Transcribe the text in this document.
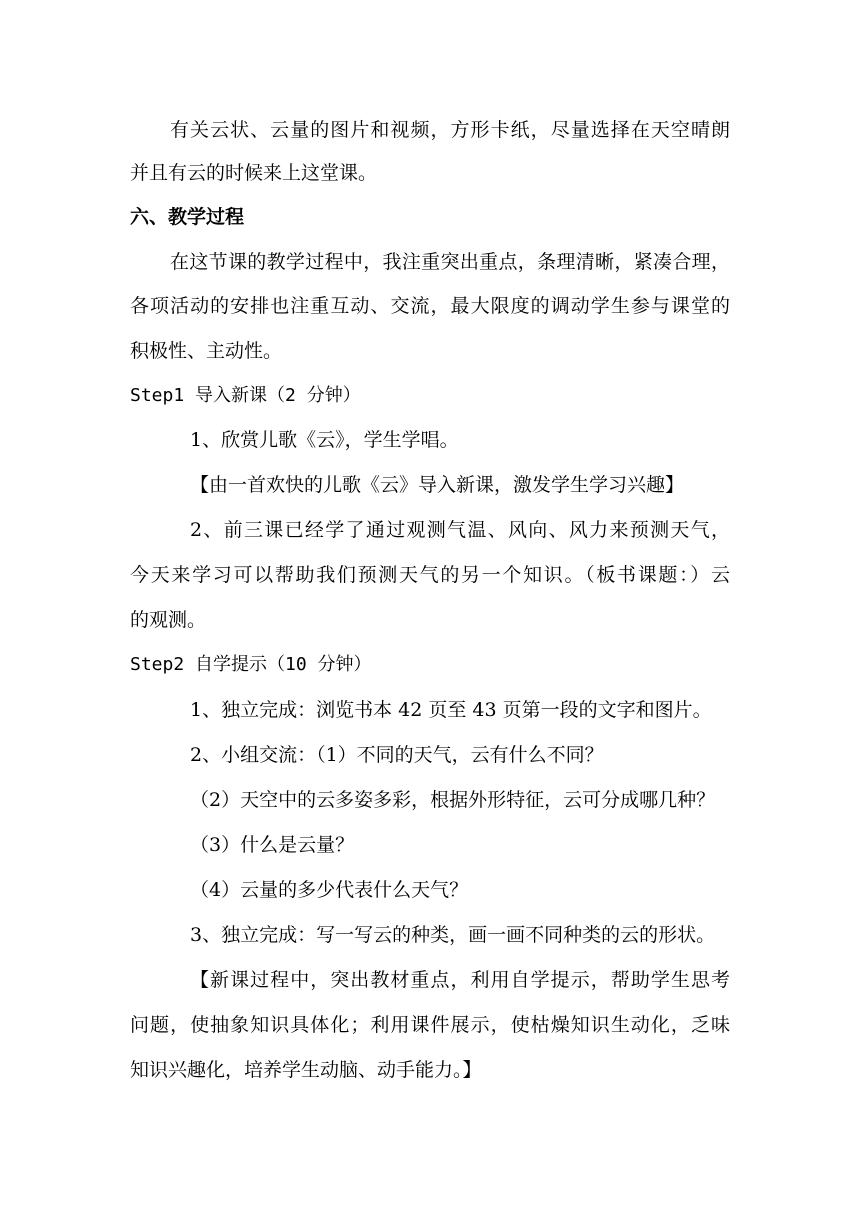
有关云状、云量的图片和视频，方形卡纸，尽量选择在天空晴朗
并且有云的时候来上这堂课。
六、教学过程
在这节课的教学过程中，我注重突出重点，条理清晰，紧凑合理，
各项活动的安排也注重互动、交流，最大限度的调动学生参与课堂的
积极性、主动性。
Step1 导入新课（2 分钟）
1、欣赏儿歌《云》，学生学唱。
【由一首欢快的儿歌《云》导入新课，激发学生学习兴趣】
2、前三课已经学了通过观测气温、风向、风力来预测天气，
今天来学习可以帮助我们预测天气的另一个知识。（板书课题：）云
的观测。
Step2 自学提示（10 分钟）
1、独立完成：浏览书本 42 页至 43 页第一段的文字和图片。
2、小组交流：（1）不同的天气，云有什么不同？
（2）天空中的云多姿多彩，根据外形特征，云可分成哪几种？
（3）什么是云量？
（4）云量的多少代表什么天气？
3、独立完成：写一写云的种类，画一画不同种类的云的形状。
【新课过程中，突出教材重点，利用自学提示，帮助学生思考
问题，使抽象知识具体化；利用课件展示，使枯燥知识生动化，乏味
知识兴趣化，培养学生动脑、动手能力。】
